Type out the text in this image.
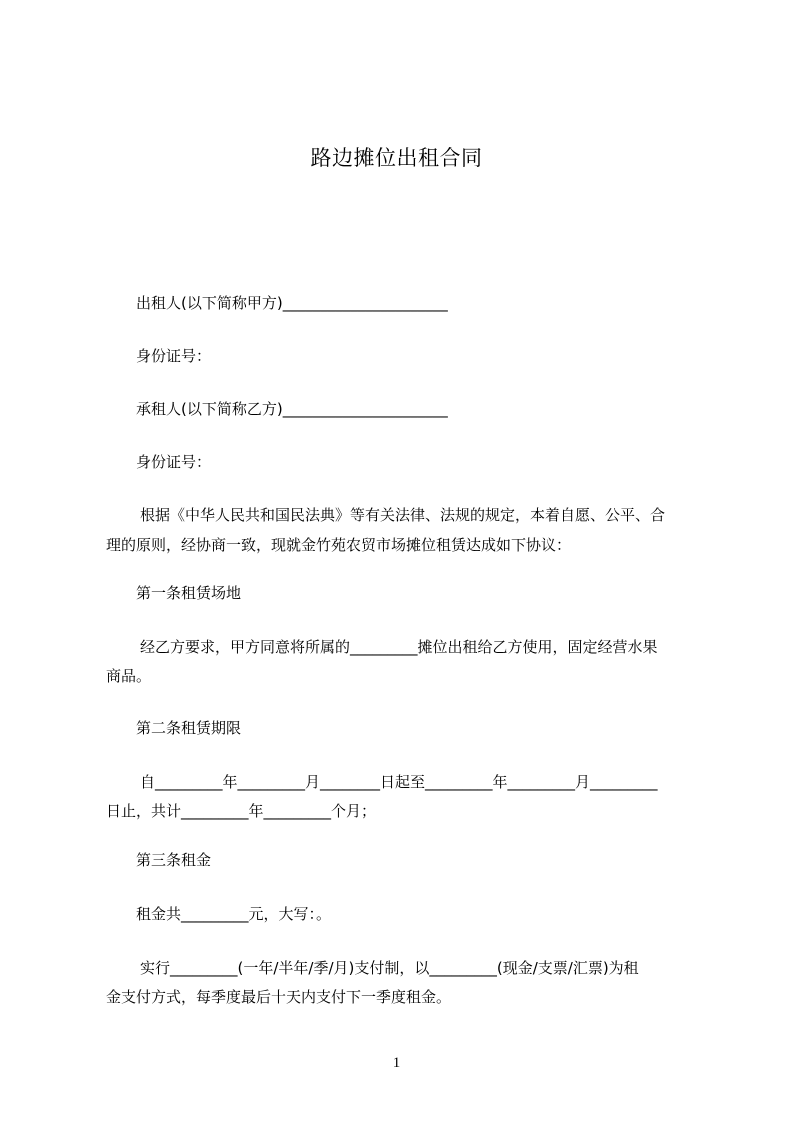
路边摊位出租合同
出租人(以下简称甲方)______________________
身份证号：
承租人(以下简称乙方)______________________
身份证号：
根据《中华人民共和国民法典》等有关法律、法规的规定，本着自愿、公平、合
理的原则，经协商一致，现就金竹苑农贸市场摊位租赁达成如下协议：
第一条租赁场地
经乙方要求，甲方同意将所属的_________摊位出租给乙方使用，固定经营水果
商品。
第二条租赁期限
自_________年_________月________日起至_________年_________月_________
日止，共计_________年_________个月；
第三条租金
租金共_________元，大写：。
实行_________(一年/半年/季/月)支付制，以_________(现金/支票/汇票)为租
金支付方式，每季度最后十天内支付下一季度租金。
1
